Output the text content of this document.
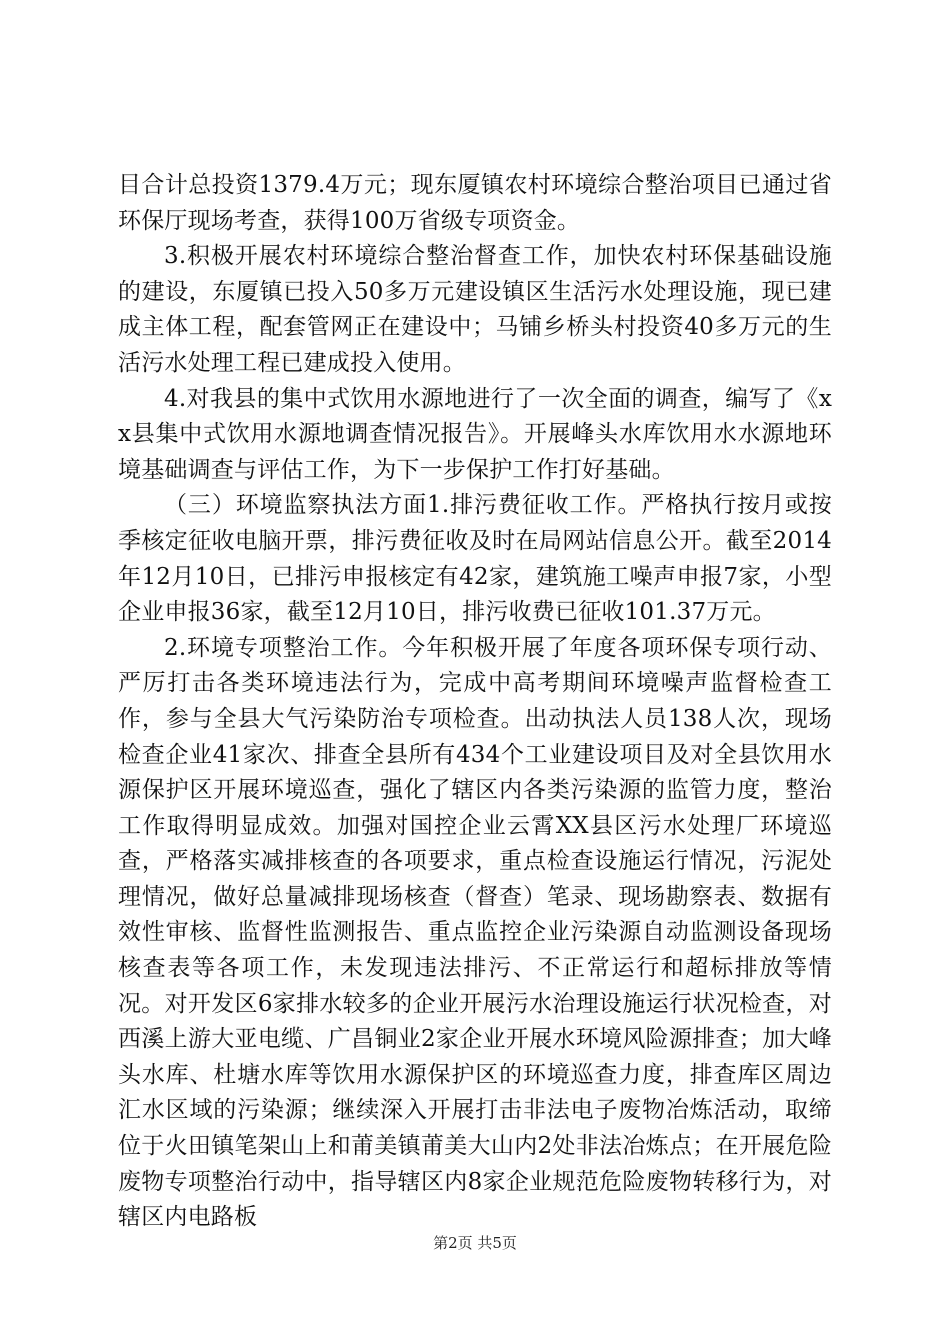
目合计总投资1379.4万元；现东厦镇农村环境综合整治项目已通过省环保厅现场考查，获得100万省级专项资金。

3.积极开展农村环境综合整治督查工作，加快农村环保基础设施的建设，东厦镇已投入50多万元建设镇区生活污水处理设施，现已建成主体工程，配套管网正在建设中；马铺乡桥头村投资40多万元的生活污水处理工程已建成投入使用。

4.对我县的集中式饮用水源地进行了一次全面的调查，编写了《xx县集中式饮用水源地调查情况报告》。开展峰头水库饮用水水源地环境基础调查与评估工作，为下一步保护工作打好基础。

（三）环境监察执法方面1.排污费征收工作。严格执行按月或按季核定征收电脑开票，排污费征收及时在局网站信息公开。截至2014年12月10日，已排污申报核定有42家，建筑施工噪声申报7家，小型企业申报36家，截至12月10日，排污收费已征收101.37万元。

2.环境专项整治工作。今年积极开展了年度各项环保专项行动、严厉打击各类环境违法行为，完成中高考期间环境噪声监督检查工作，参与全县大气污染防治专项检查。出动执法人员138人次，现场检查企业41家次、排查全县所有434个工业建设项目及对全县饮用水源保护区开展环境巡查，强化了辖区内各类污染源的监管力度，整治工作取得明显成效。加强对国控企业云霄XX县区污水处理厂环境巡查，严格落实减排核查的各项要求，重点检查设施运行情况，污泥处理情况，做好总量减排现场核查（督查）笔录、现场勘察表、数据有效性审核、监督性监测报告、重点监控企业污染源自动监测设备现场核查表等各项工作，未发现违法排污、不正常运行和超标排放等情况。对开发区6家排水较多的企业开展污水治理设施运行状况检查，对西溪上游大亚电缆、广昌铜业2家企业开展水环境风险源排查；加大峰头水库、杜塘水库等饮用水源保护区的环境巡查力度，排查库区周边汇水区域的污染源；继续深入开展打击非法电子废物冶炼活动，取缔位于火田镇笔架山上和莆美镇莆美大山内2处非法冶炼点；在开展危险废物专项整治行动中，指导辖区内8家企业规范危险废物转移行为，对辖区内电路板

第2页 共5页
